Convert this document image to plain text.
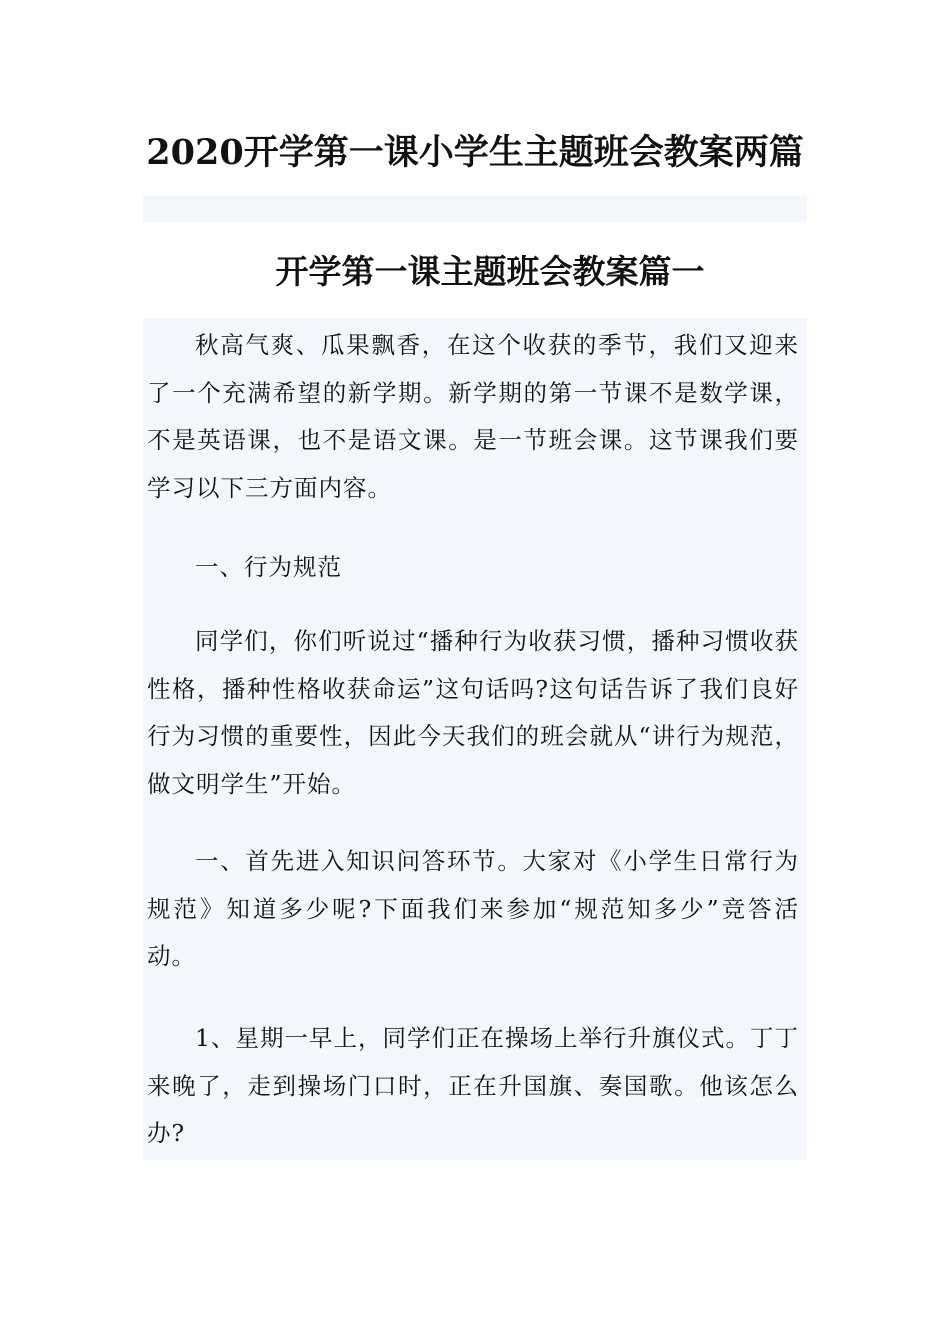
2020开学第一课小学生主题班会教案两篇
开学第一课主题班会教案篇一

秋高气爽、瓜果飘香，在这个收获的季节，我们又迎来了一个充满希望的新学期。新学期的第一节课不是数学课，不是英语课，也不是语文课。是一节班会课。这节课我们要学习以下三方面内容。

一、行为规范

同学们，你们听说过“播种行为收获习惯，播种习惯收获性格，播种性格收获命运”这句话吗?这句话告诉了我们良好行为习惯的重要性，因此今天我们的班会就从“讲行为规范，做文明学生”开始。

一、首先进入知识问答环节。大家对《小学生日常行为规范》知道多少呢?下面我们来参加“规范知多少”竞答活动。

1、星期一早上，同学们正在操场上举行升旗仪式。丁丁来晚了，走到操场门口时，正在升国旗、奏国歌。他该怎么办?
